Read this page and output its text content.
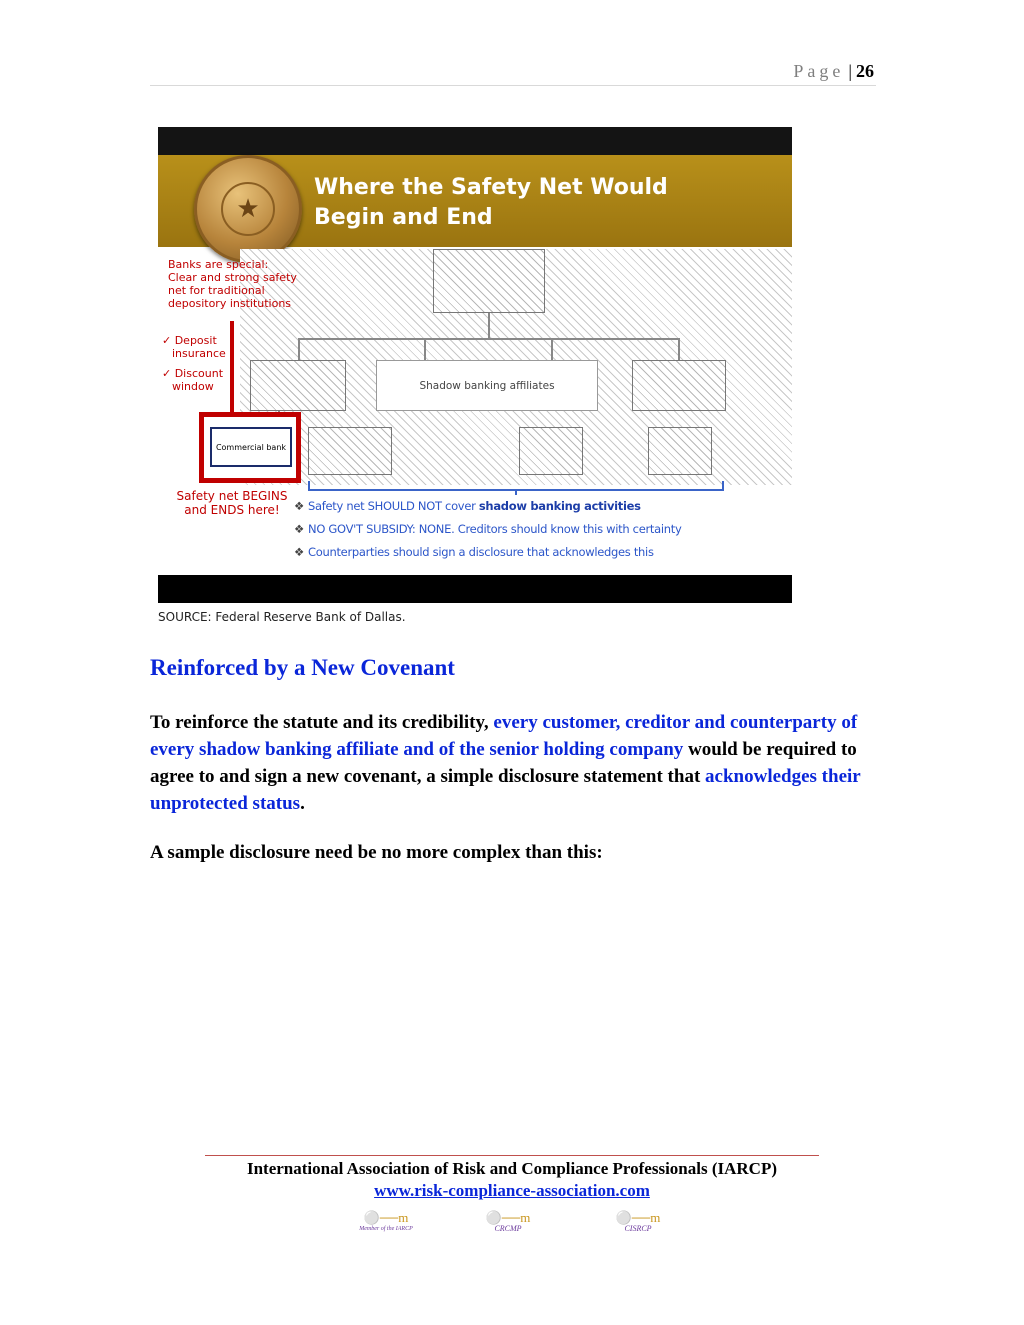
Page | 26
★
Where the Safety Net Would
Begin and End
Shadow banking affiliates
Banks are special:
Clear and strong safety
net for traditional
depository institutions
✓ Deposit
insurance
✓ Discount
window
Commercial bank
Safety net BEGINS
and ENDS here!	❖ Safety net SHOULD NOT cover shadow banking activities
❖ NO GOV'T SUBSIDY: NONE. Creditors should know this with certainty
❖ Counterparties should sign a disclosure that acknowledges this
SOURCE: Federal Reserve Bank of Dallas.
Reinforced by a New Covenant
To reinforce the statute and its credibility, every customer, creditor and counterparty of every shadow banking affiliate and of the senior holding company would be required to agree to and sign a new covenant, a simple disclosure statement that acknowledges their unprotected status.
A sample disclosure need be no more complex than this:
International Association of Risk and Compliance Professionals (IARCP)
www.risk-compliance-association.com
⚪──m
Member of the IARCP
⚪──m
CRCMP
⚪──m
CISRCP
